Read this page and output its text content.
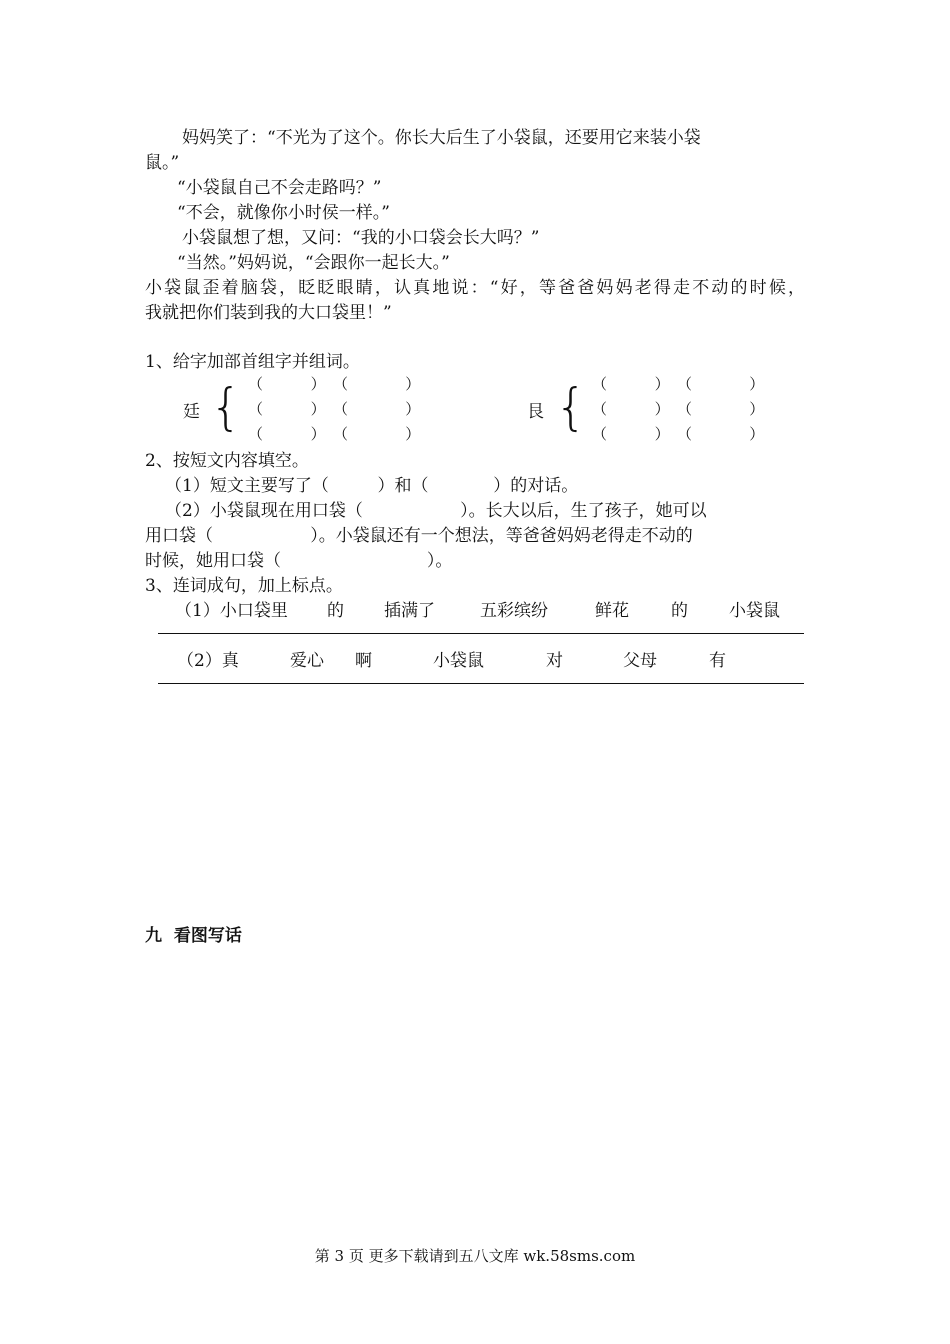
妈妈笑了：“不光为了这个。你长大后生了小袋鼠，还要用它来装小袋
鼠。”
“小袋鼠自己不会走路吗？”
“不会，就像你小时侯一样。”
小袋鼠想了想，又问：“我的小口袋会长大吗？”
“当然。”妈妈说，“会跟你一起长大。”
小袋鼠歪着脑袋，眨眨眼睛，认真地说：“好，等爸爸妈妈老得走不动的时候，
我就把你们装到我的大口袋里！”
1、给字加部首组字并组词。
廷 { （          ） （            ）
（          ） （            ）
（          ） （            ）
艮 { （          ） （            ）
（          ） （            ）
（          ） （            ）
2、按短文内容填空。
（1）短文主要写了（         ）和（            ）的对话。
（2）小袋鼠现在用口袋（                  ）。长大以后，生了孩子，她可以
用口袋（                  ）。小袋鼠还有一个想法，等爸爸妈妈老得走不动的
时候，她用口袋（                           ）。
3、连词成句，加上标点。
（1）小口袋里 的 插满了	五彩缤纷	鲜花 的 小袋鼠
（2）真	爱心 啊	小袋鼠	对	父母	有
九  看图写话
第 3 页 更多下载请到五八文库 wk.58sms.com
